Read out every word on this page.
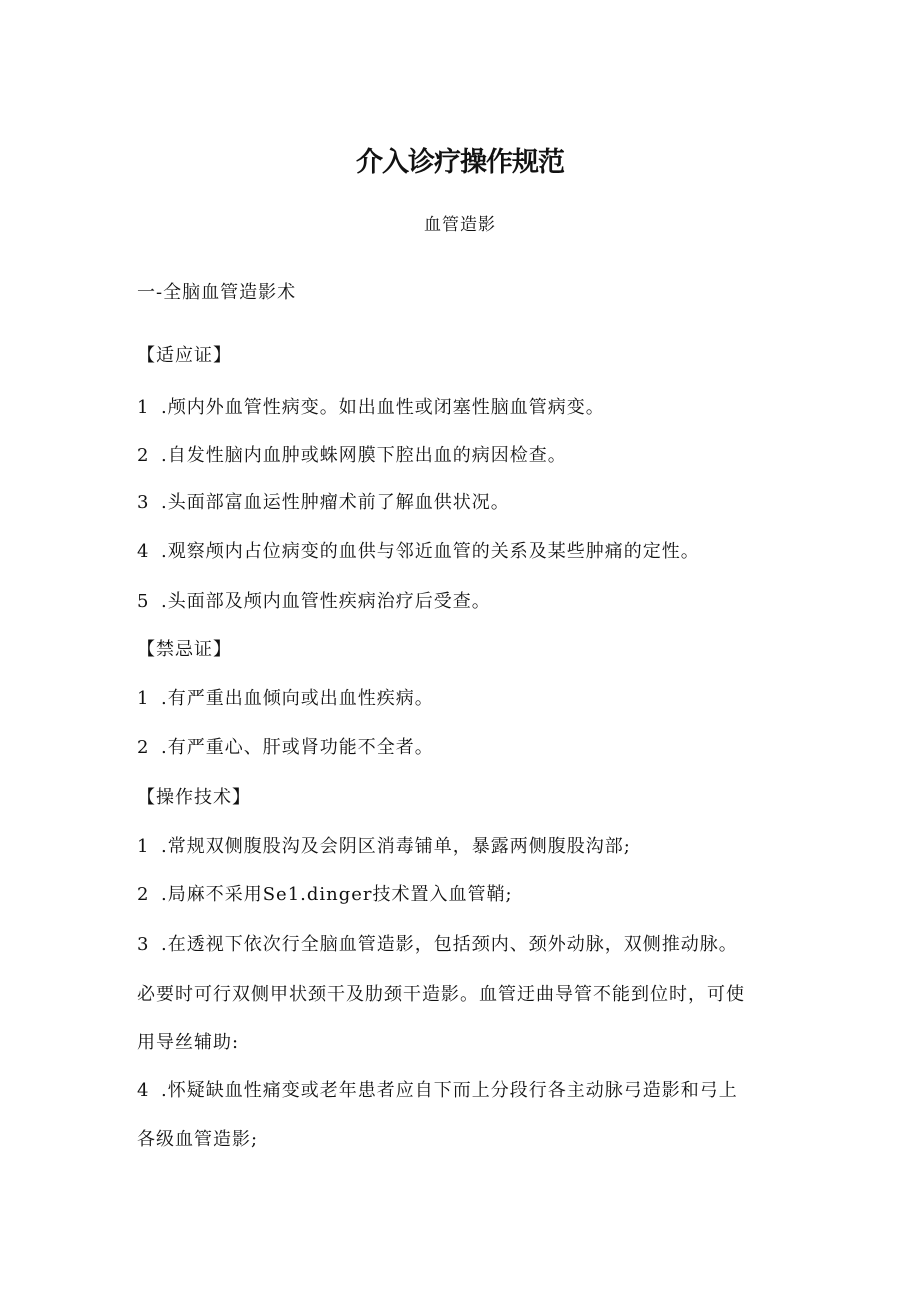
介入诊疗操作规范

血管造影

一-全脑血管造影术

【适应证】

1 .颅内外血管性病变。如出血性或闭塞性脑血管病变。

2 .自发性脑内血肿或蛛网膜下腔出血的病因检查。

3 .头面部富血运性肿瘤术前了解血供状况。

4 .观察颅内占位病变的血供与邻近血管的关系及某些肿痛的定性。

5 .头面部及颅内血管性疾病治疗后受查。

【禁忌证】

1 .有严重出血倾向或出血性疾病。

2 .有严重心、肝或肾功能不全者。

【操作技术】

1 .常规双侧腹股沟及会阴区消毒铺单，暴露两侧腹股沟部;

2 .局麻不采用Se1.dinger技术置入血管鞘;

3 .在透视下依次行全脑血管造影，包括颈内、颈外动脉，双侧推动脉。

必要时可行双侧甲状颈干及肋颈干造影。血管迂曲导管不能到位时，可使

用导丝辅助:

4 .怀疑缺血性痛变或老年患者应自下而上分段行各主动脉弓造影和弓上

各级血管造影;
